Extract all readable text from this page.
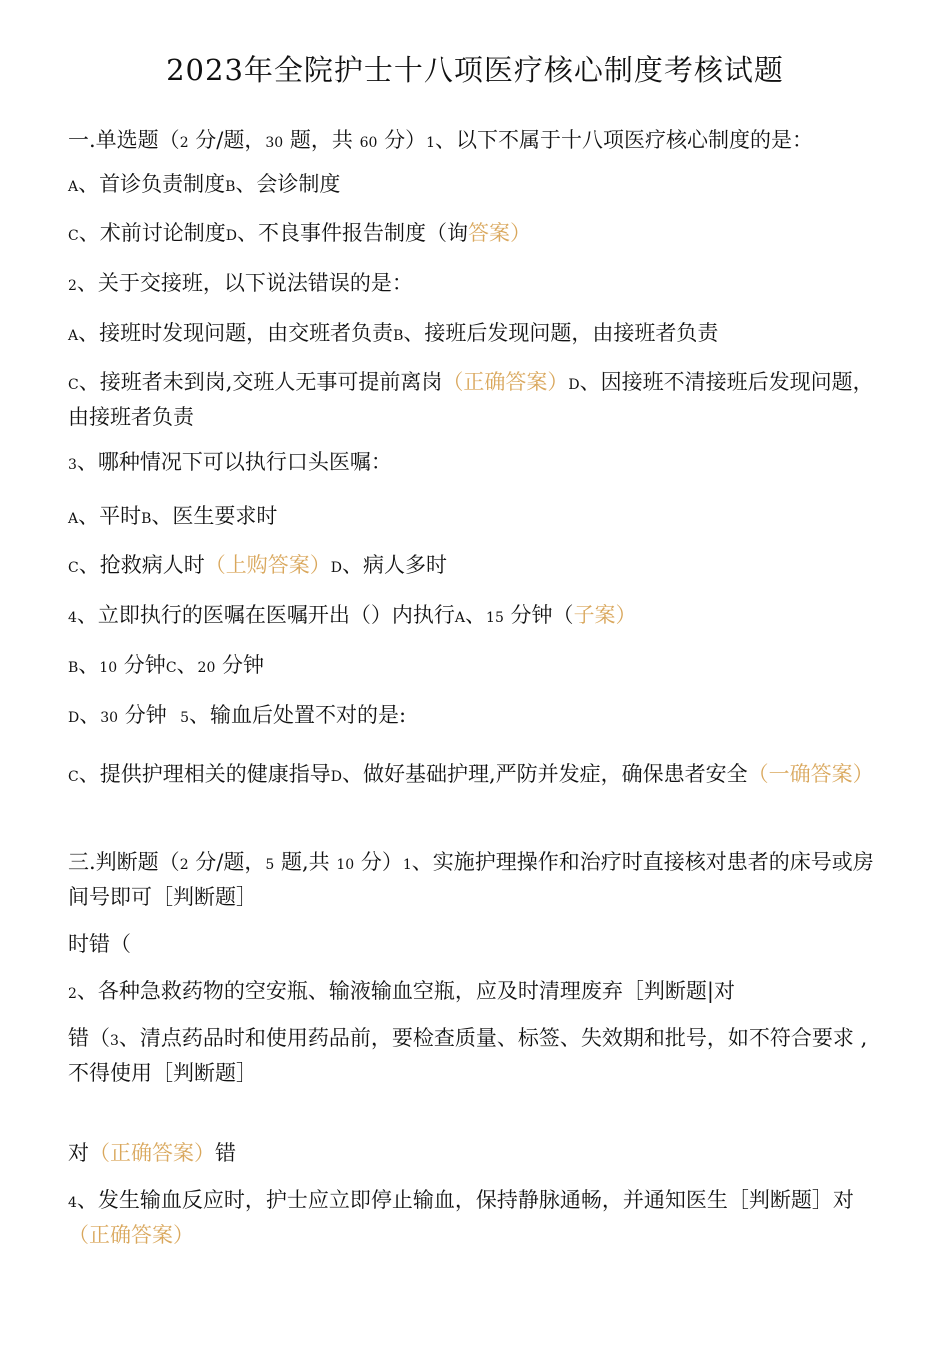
2023年全院护士十八项医疗核心制度考核试题
一.单选题（2 分/题，30 题，共 60 分）1、以下不属于十八项医疗核心制度的是：
A、首诊负责制度B、会诊制度
C、术前讨论制度D、不良事件报告制度（询答案）
2、关于交接班，以下说法错误的是：
A、接班时发现问题，由交班者负责B、接班后发现问题，由接班者负责
C、接班者未到岗,交班人无事可提前离岗（正确答案）D、因接班不清接班后发现问题，由接班者负责
3、哪种情况下可以执行口头医嘱：
A、平时B、医生要求时
C、抢救病人时（上购答案）D、病人多时
4、立即执行的医嘱在医嘱开出（）内执行A、15 分钟（子案）
B、10 分钟C、20 分钟
D、30 分钟  5、输血后处置不对的是:
C、提供护理相关的健康指导D、做好基础护理,严防并发症，确保患者安全（一确答案）
三.判断题（2 分/题，5 题,共 10 分）1、实施护理操作和治疗时直接核对患者的床号或房间号即可［判断题］
时错（
2、各种急救药物的空安瓶、输液输血空瓶，应及时清理废弃［判断题|对
错（3、清点药品时和使用药品前，要检查质量、标签、失效期和批号，如不符合要求 ,不得使用［判断题］
对（正确答案）错
4、发生输血反应时，护士应立即停止输血，保持静脉通畅，并通知医生［判断题］对（正确答案）
